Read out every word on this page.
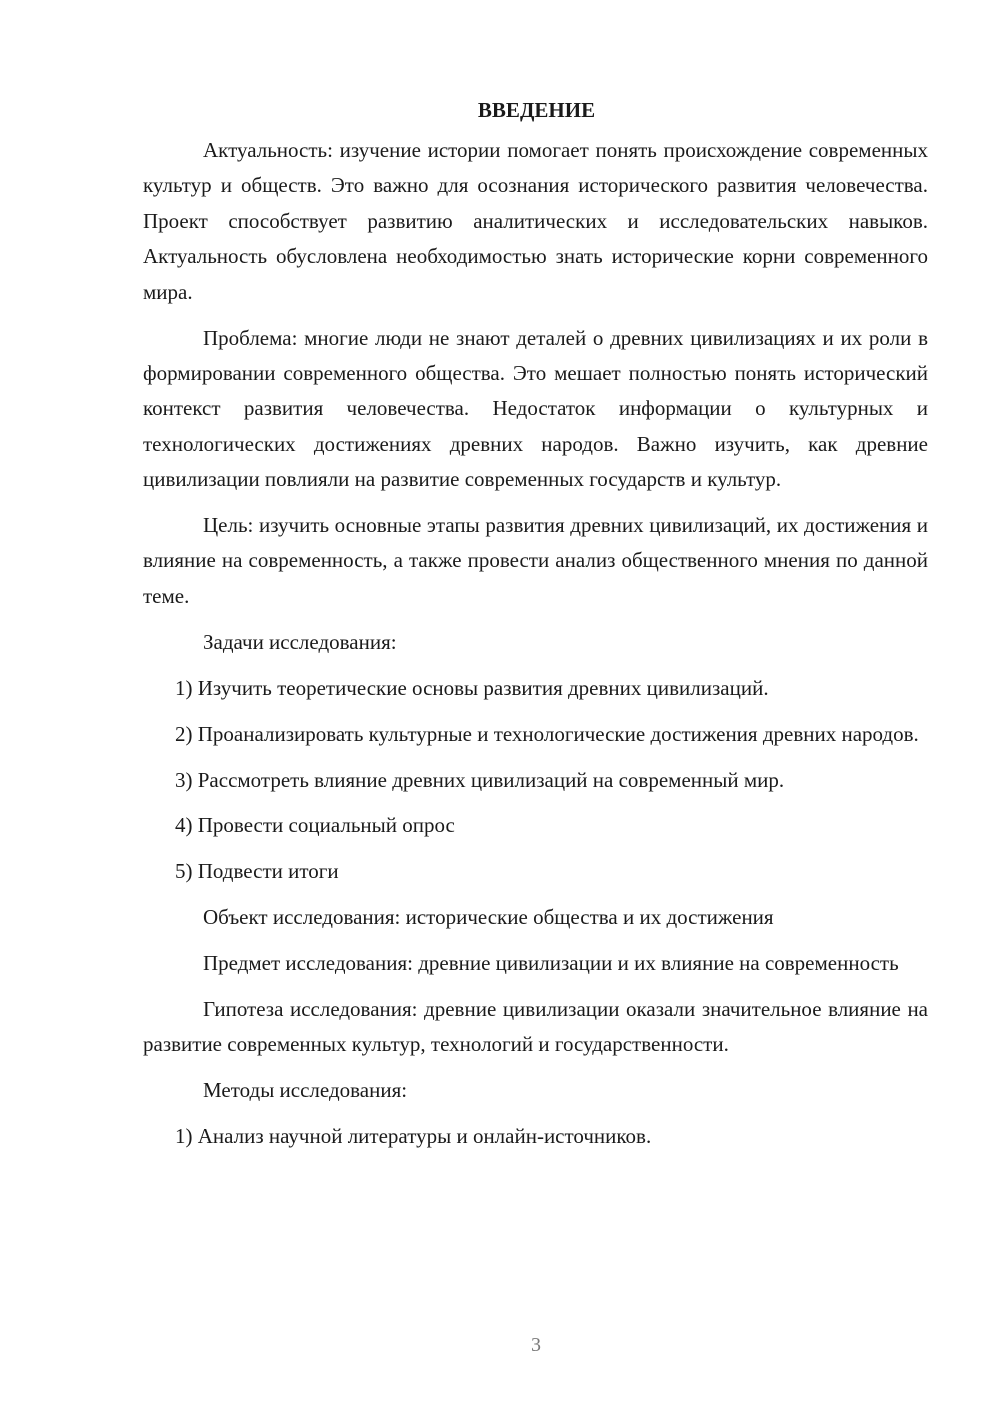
ВВЕДЕНИЕ
Актуальность: изучение истории помогает понять происхождение современных культур и обществ. Это важно для осознания исторического развития человечества. Проект способствует развитию аналитических и исследовательских навыков. Актуальность обусловлена необходимостью знать исторические корни современного мира.
Проблема: многие люди не знают деталей о древних цивилизациях и их роли в формировании современного общества. Это мешает полностью понять исторический контекст развития человечества. Недостаток информации о культурных и технологических достижениях древних народов. Важно изучить, как древние цивилизации повлияли на развитие современных государств и культур.
Цель: изучить основные этапы развития древних цивилизаций, их достижения и влияние на современность, а также провести анализ общественного мнения по данной теме.
Задачи исследования:
1) Изучить теоретические основы развития древних цивилизаций.
2) Проанализировать культурные и технологические достижения древних народов.
3) Рассмотреть влияние древних цивилизаций на современный мир.
4) Провести социальный опрос
5) Подвести итоги
Объект исследования: исторические общества и их достижения
Предмет исследования: древние цивилизации и их влияние на современность
Гипотеза исследования: древние цивилизации оказали значительное влияние на развитие современных культур, технологий и государственности.
Методы исследования:
1) Анализ научной литературы и онлайн-источников.
3
